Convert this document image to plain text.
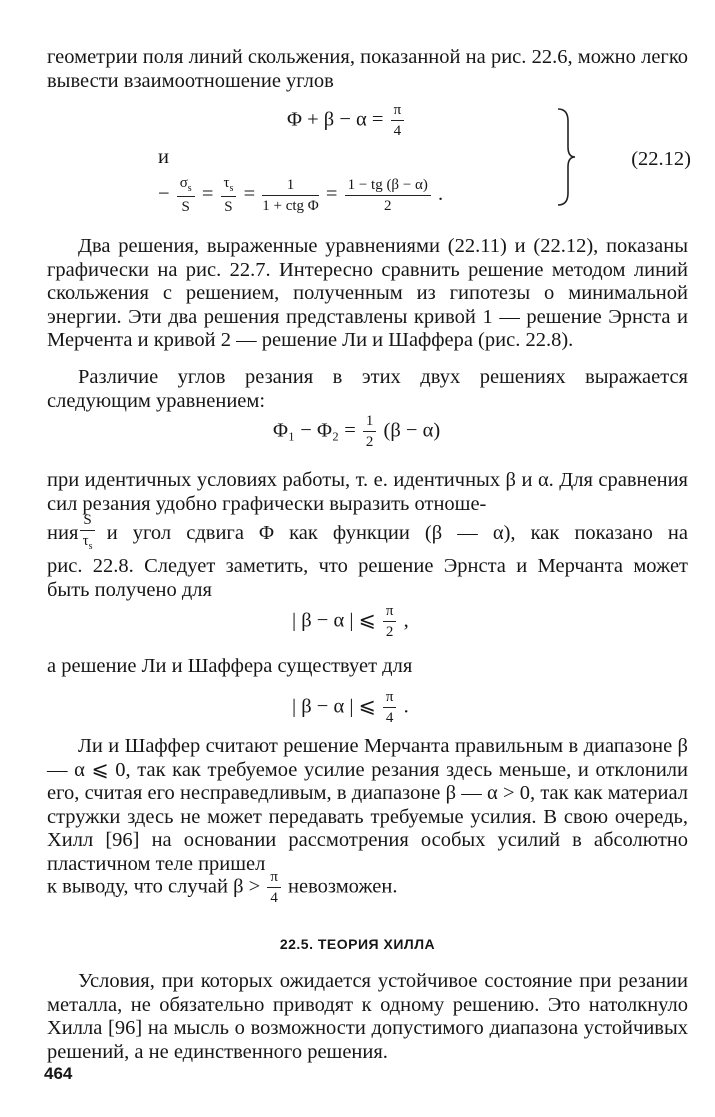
геометрии поля линий скольжения, показанной на рис. 22.6, можно легко вывести взаимоотношение углов

$\Phi + \beta - \alpha = \frac{\pi}{4}$
и
− $\frac{\sigma_s}{S} = \frac{\tau_s}{S} = \frac{1}{\text{1 + ctg Φ}} = \frac{1 - tg (\beta - \alpha)}{2}$ .
(22.12)

Два решения, выраженные уравнениями (22.11) и (22.12), показаны графически на рис. 22.7. Интересно сравнить решение методом линий скольжения с решением, полученным из гипотезы о минимальной энергии. Эти два решения представлены кривой 1 — решение Эрнста и Мерчента и кривой 2 — решение Ли и Шаффера (рис. 22.8).

Различие углов резания в этих двух решениях выражается следующим уравнением:

$\Phi_1 - \Phi_2 = \frac{1}{2} (\beta - \alpha)$

при идентичных условиях работы, т. е. идентичных β и α. Для сравнения сил резания удобно графически выразить отноше-

ния $\frac{S}{\tau_s}$ и угол сдвига Φ как функции (β — α), как показано на

рис. 22.8. Следует заметить, что решение Эрнста и Мерчанта может быть получено для

| β − α | ⩽ $\frac{\pi}{2}$ ,

а решение Ли и Шаффера существует для

| β − α | ⩽ $\frac{\pi}{4}$ .

Ли и Шаффер считают решение Мерчанта правильным в диапазоне β — α ⩽ 0, так как требуемое усилие резания здесь меньше, и отклонили его, считая его несправедливым, в диапазоне β — α > 0, так как материал стружки здесь не может передавать требуемые усилия. В свою очередь, Хилл [96] на основании рассмотрения особых усилий в абсолютно пластичном теле пришел

к выводу, что случай $\beta > \frac{\pi}{4}$ невозможен.
22.5. ТЕОРИЯ ХИЛЛА

Условия, при которых ожидается устойчивое состояние при резании металла, не обязательно приводят к одному решению. Это натолкнуло Хилла [96] на мысль о возможности допустимого диапазона устойчивых решений, а не единственного решения.

464
